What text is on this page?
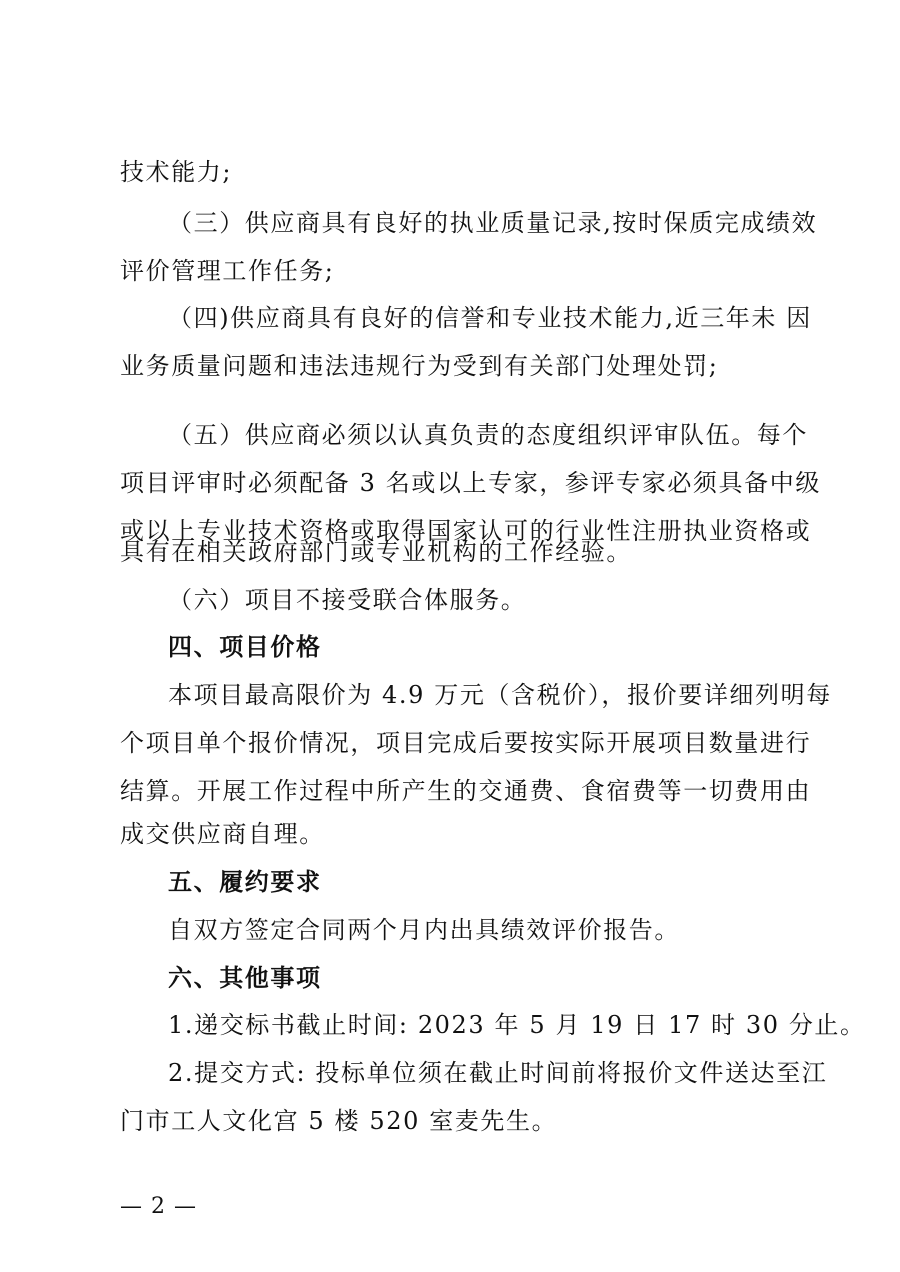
技术能力;

（三）供应商具有良好的执业质量记录,按时保质完成绩效

评价管理工作任务;

（四)供应商具有良好的信誉和专业技术能力,近三年未 因

业务质量问题和违法违规行为受到有关部门处理处罚;

（五）供应商必须以认真负责的态度组织评审队伍。每个

项目评审时必须配备 3 名或以上专家，参评专家必须具备中级

或以上专业技术资格或取得国家认可的行业性注册执业资格或

具有在相关政府部门或专业机构的工作经验。

（六）项目不接受联合体服务。

四、项目价格

本项目最高限价为 4.9 万元（含税价），报价要详细列明每

个项目单个报价情况，项目完成后要按实际开展项目数量进行

结算。开展工作过程中所产生的交通费、食宿费等一切费用由

成交供应商自理。

五、履约要求

自双方签定合同两个月内出具绩效评价报告。

六、其他事项

1.递交标书截止时间: 2023 年 5 月 19 日 17 时 30 分止。

2.提交方式: 投标单位须在截止时间前将报价文件送达至江

门市工人文化宫 5 楼 520 室麦先生。

— 2 —
